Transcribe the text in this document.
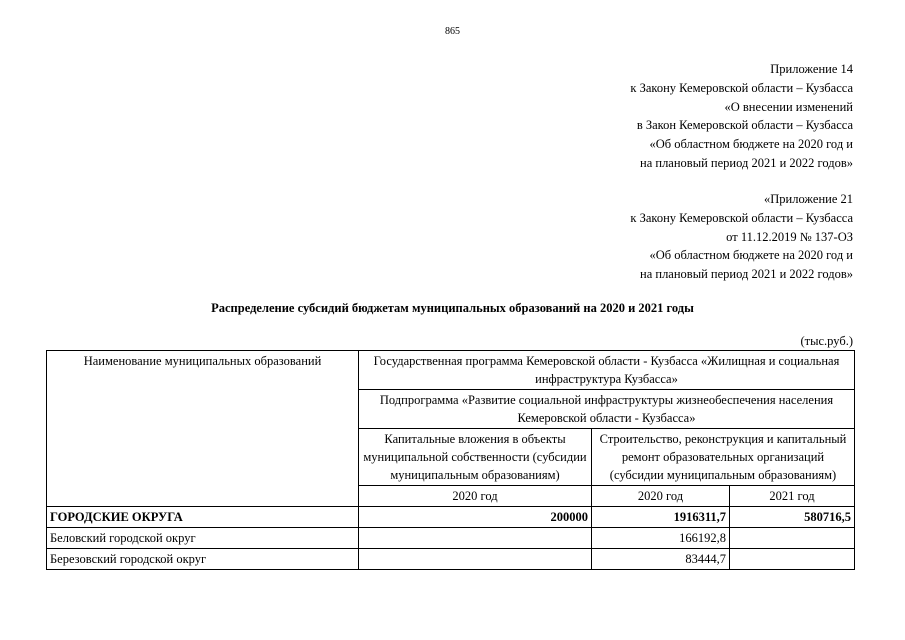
865
Приложение 14
к Закону Кемеровской области – Кузбасса
«О внесении изменений
в Закон Кемеровской области – Кузбасса
«Об областном бюджете на 2020 год и
на плановый период 2021 и 2022 годов»
«Приложение 21
к Закону Кемеровской области – Кузбасса
от 11.12.2019 № 137-ОЗ
«Об областном бюджете на 2020 год и
на плановый период 2021 и 2022 годов»
Распределение субсидий бюджетам муниципальных образований на 2020 и 2021 годы
(тыс.руб.)
Наименование муниципальных образований	Государственная программа Кемеровской области - Кузбасса «Жилищная и социальная инфраструктура Кузбасса»		
	Подпрограмма «Развитие социальной инфраструктуры жизнеобеспечения населения Кемеровской области - Кузбасса»		
	Капитальные вложения в объекты муниципальной собственности (субсидии муниципальным образованиям)	Строительство, реконструкция и капитальный ремонт образовательных организаций (субсидии муниципальным образованиям)	
	2020 год	2020 год	2021 год
ГОРОДСКИЕ ОКРУГА	200000	1916311,7	580716,5
Беловский городской округ		166192,8	
Березовский городской округ		83444,7	
